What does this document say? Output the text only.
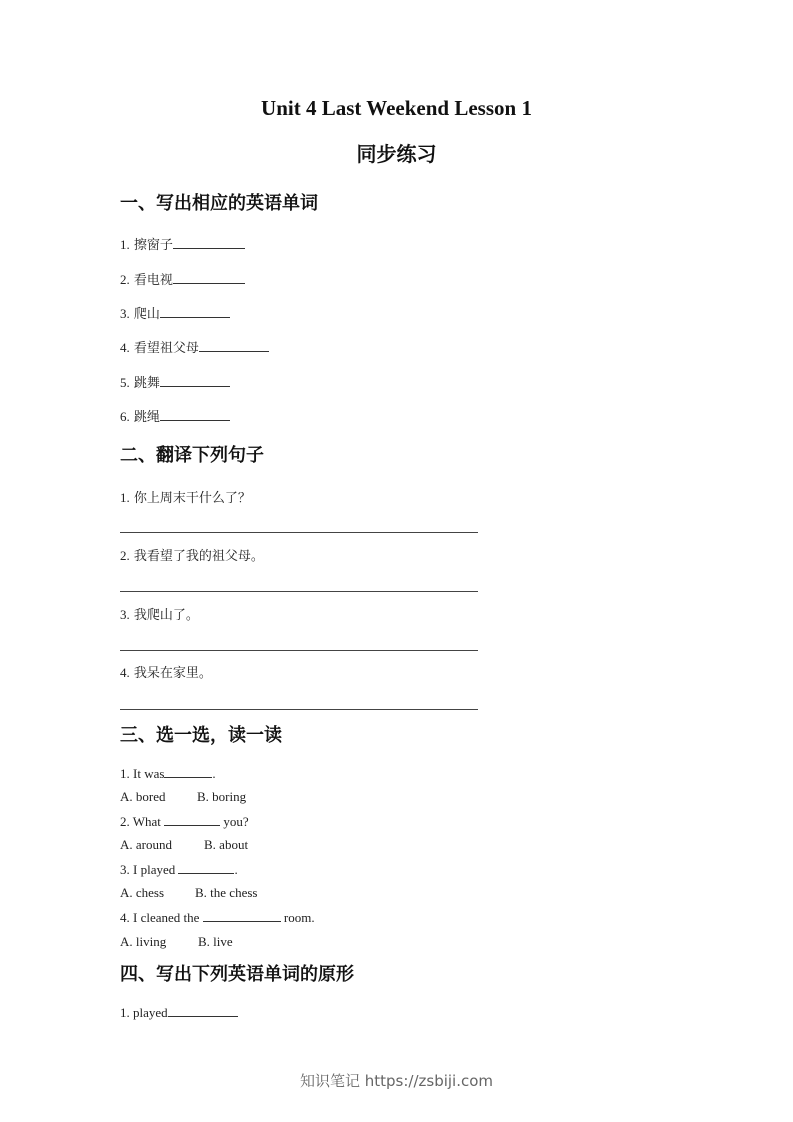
Unit 4 Last Weekend Lesson 1
同步练习
一、写出相应的英语单词
1. 擦窗子
2. 看电视
3. 爬山
4. 看望祖父母
5. 跳舞
6. 跳绳
二、翻译下列句子
1. 你上周末干什么了？
2. 我看望了我的祖父母。
3. 我爬山了。
4. 我呆在家里。
三、选一选，读一读
1. It was	.
A. bored B. boring
2. What	you?
A. around B. about
3. I played	.
A. chess B. the chess
4. I cleaned the	room.
A. living B. live
四、写出下列英语单词的原形
1. played
知识笔记 https://zsbiji.com
